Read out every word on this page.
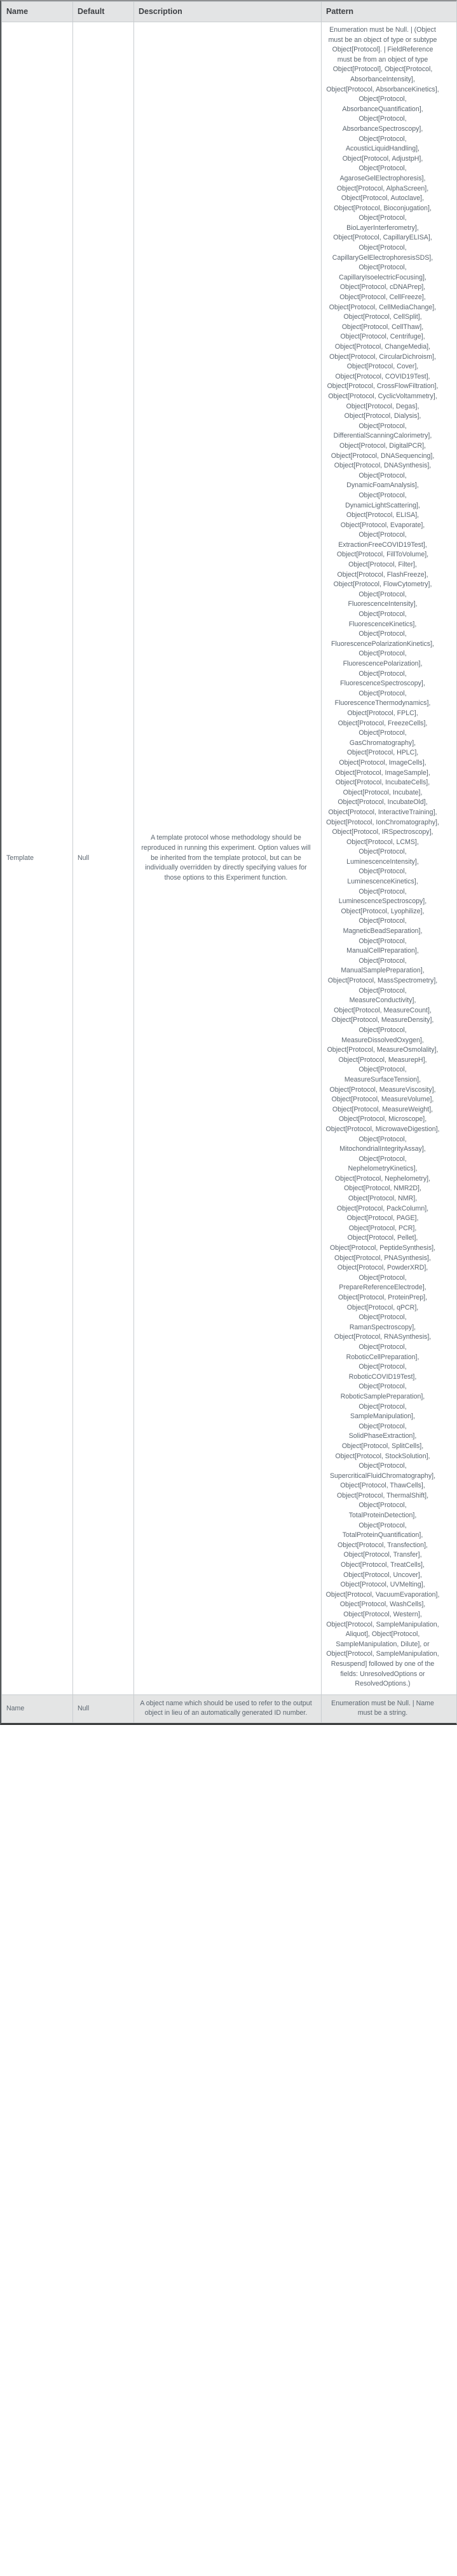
Name	Default	Description	Pattern
Template	Null	A template protocol whose methodology should be reproduced in running this experiment. Option values will be inherited from the template protocol, but can be individually overridden by directly specifying values for those options to this Experiment function.	Enumeration must be Null. | (Object must be an object of type or subtype Object[Protocol]. | FieldReference must be from an object of type Object[Protocol], Object[Protocol, AbsorbanceIntensity], Object[Protocol, AbsorbanceKinetics], Object[Protocol, AbsorbanceQuantification], Object[Protocol, AbsorbanceSpectroscopy], Object[Protocol, AcousticLiquidHandling], Object[Protocol, AdjustpH], Object[Protocol, AgaroseGelElectrophoresis], Object[Protocol, AlphaScreen], Object[Protocol, Autoclave], Object[Protocol, Bioconjugation], Object[Protocol, BioLayerInterferometry], Object[Protocol, CapillaryELISA], Object[Protocol, CapillaryGelElectrophoresisSDS], Object[Protocol, CapillaryIsoelectricFocusing], Object[Protocol, cDNAPrep], Object[Protocol, CellFreeze], Object[Protocol, CellMediaChange], Object[Protocol, CellSplit], Object[Protocol, CellThaw], Object[Protocol, Centrifuge], Object[Protocol, ChangeMedia], Object[Protocol, CircularDichroism], Object[Protocol, Cover], Object[Protocol, COVID19Test], Object[Protocol, CrossFlowFiltration], Object[Protocol, CyclicVoltammetry], Object[Protocol, Degas], Object[Protocol, Dialysis], Object[Protocol, DifferentialScanningCalorimetry], Object[Protocol, DigitalPCR], Object[Protocol, DNASequencing], Object[Protocol, DNASynthesis], Object[Protocol, DynamicFoamAnalysis], Object[Protocol, DynamicLightScattering], Object[Protocol, ELISA], Object[Protocol, Evaporate], Object[Protocol, ExtractionFreeCOVID19Test], Object[Protocol, FillToVolume], Object[Protocol, Filter], Object[Protocol, FlashFreeze], Object[Protocol, FlowCytometry], Object[Protocol, FluorescenceIntensity], Object[Protocol, FluorescenceKinetics], Object[Protocol, FluorescencePolarizationKinetics], Object[Protocol, FluorescencePolarization], Object[Protocol, FluorescenceSpectroscopy], Object[Protocol, FluorescenceThermodynamics], Object[Protocol, FPLC], Object[Protocol, FreezeCells], Object[Protocol, GasChromatography], Object[Protocol, HPLC], Object[Protocol, ImageCells], Object[Protocol, ImageSample], Object[Protocol, IncubateCells], Object[Protocol, Incubate], Object[Protocol, IncubateOld], Object[Protocol, InteractiveTraining], Object[Protocol, IonChromatography], Object[Protocol, IRSpectroscopy], Object[Protocol, LCMS], Object[Protocol, LuminescenceIntensity], Object[Protocol, LuminescenceKinetics], Object[Protocol, LuminescenceSpectroscopy], Object[Protocol, Lyophilize], Object[Protocol, MagneticBeadSeparation], Object[Protocol, ManualCellPreparation], Object[Protocol, ManualSamplePreparation], Object[Protocol, MassSpectrometry], Object[Protocol, MeasureConductivity], Object[Protocol, MeasureCount], Object[Protocol, MeasureDensity], Object[Protocol, MeasureDissolvedOxygen], Object[Protocol, MeasureOsmolality], Object[Protocol, MeasurepH], Object[Protocol, MeasureSurfaceTension], Object[Protocol, MeasureViscosity], Object[Protocol, MeasureVolume], Object[Protocol, MeasureWeight], Object[Protocol, Microscope], Object[Protocol, MicrowaveDigestion], Object[Protocol, MitochondrialIntegrityAssay], Object[Protocol, NephelometryKinetics], Object[Protocol, Nephelometry], Object[Protocol, NMR2D], Object[Protocol, NMR], Object[Protocol, PackColumn], Object[Protocol, PAGE], Object[Protocol, PCR], Object[Protocol, Pellet], Object[Protocol, PeptideSynthesis], Object[Protocol, PNASynthesis], Object[Protocol, PowderXRD], Object[Protocol, PrepareReferenceElectrode], Object[Protocol, ProteinPrep], Object[Protocol, qPCR], Object[Protocol, RamanSpectroscopy], Object[Protocol, RNASynthesis], Object[Protocol, RoboticCellPreparation], Object[Protocol, RoboticCOVID19Test], Object[Protocol, RoboticSamplePreparation], Object[Protocol, SampleManipulation], Object[Protocol, SolidPhaseExtraction], Object[Protocol, SplitCells], Object[Protocol, StockSolution], Object[Protocol, SupercriticalFluidChromatography], Object[Protocol, ThawCells], Object[Protocol, ThermalShift], Object[Protocol, TotalProteinDetection], Object[Protocol, TotalProteinQuantification], Object[Protocol, Transfection], Object[Protocol, Transfer], Object[Protocol, TreatCells], Object[Protocol, Uncover], Object[Protocol, UVMelting], Object[Protocol, VacuumEvaporation], Object[Protocol, WashCells], Object[Protocol, Western], Object[Protocol, SampleManipulation, Aliquot], Object[Protocol, SampleManipulation, Dilute], or Object[Protocol, SampleManipulation, Resuspend] followed by one of the fields: UnresolvedOptions or ResolvedOptions.)
Name	Null	A object name which should be used to refer to the output object in lieu of an automatically generated ID number.	Enumeration must be Null. | Name must be a string.
